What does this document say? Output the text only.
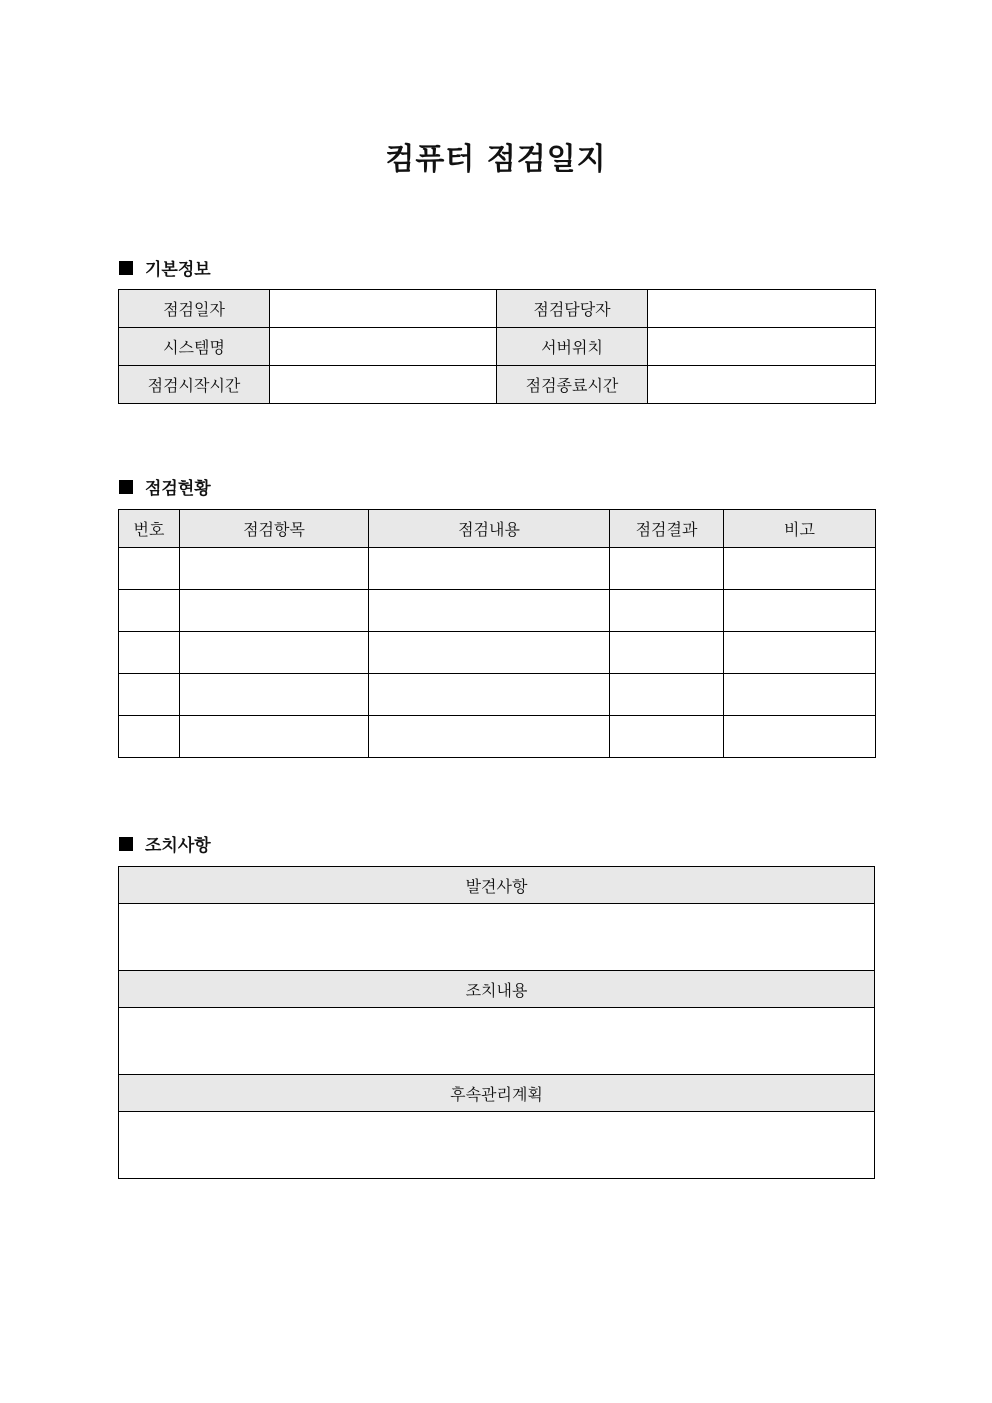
컴퓨터 점검일지
기본정보
점검일자		점검담당자	
시스템명		서버위치	
점검시작시간		점검종료시간	
점검현황
번호	점검항목	점검내용	점검결과	비고

조치사항
발견사항

조치내용

후속관리계획
